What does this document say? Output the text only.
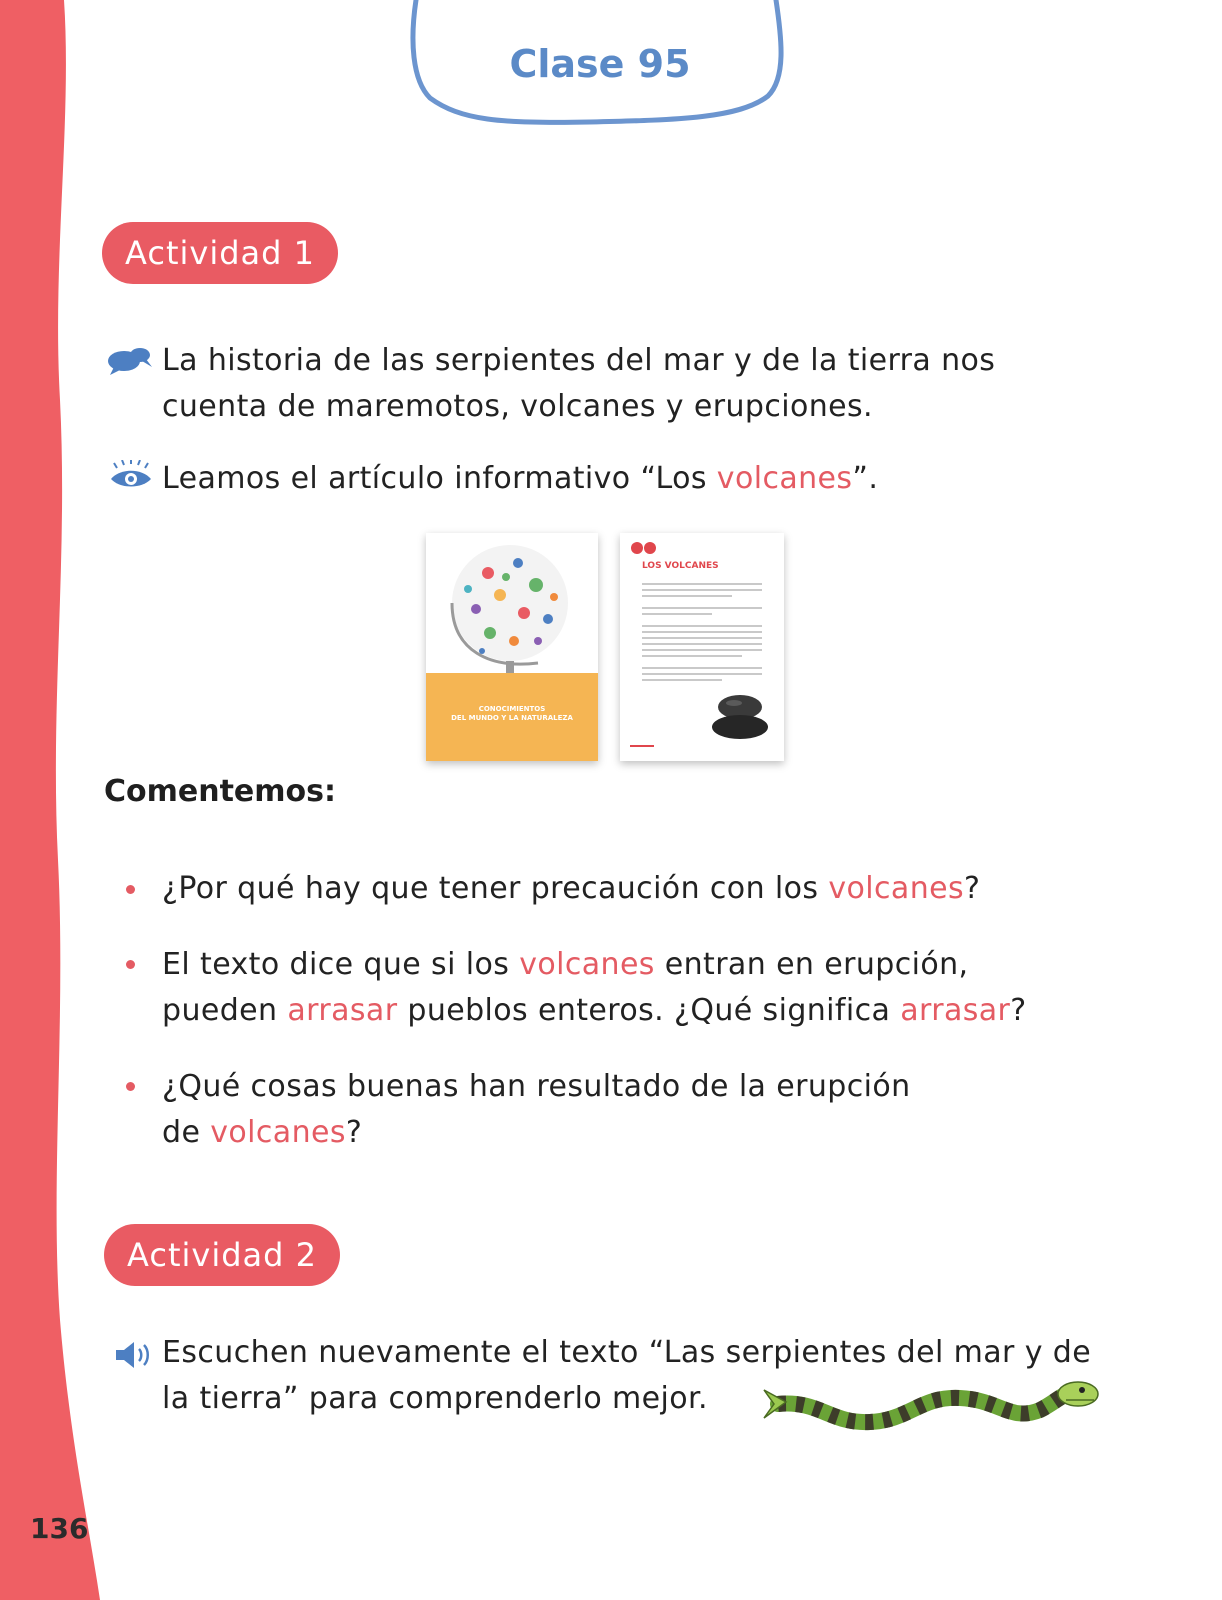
136
Clase 95
Actividad 1
La historia de las serpientes del mar y de la tierra nos
cuenta de maremotos, volcanes y erupciones.
Leamos el artículo informativo “Los volcanes”.
CONOCIMIENTOS
DEL MUNDO Y LA NATURALEZA
LOS VOLCANES
Comentemos:
¿Por qué hay que tener precaución con los volcanes?
El texto dice que si los volcanes entran en erupción,
pueden arrasar pueblos enteros. ¿Qué significa arrasar?
¿Qué cosas buenas han resultado de la erupción
de volcanes?
Actividad 2
Escuchen nuevamente el texto “Las serpientes del mar y de
la tierra” para comprenderlo mejor.
